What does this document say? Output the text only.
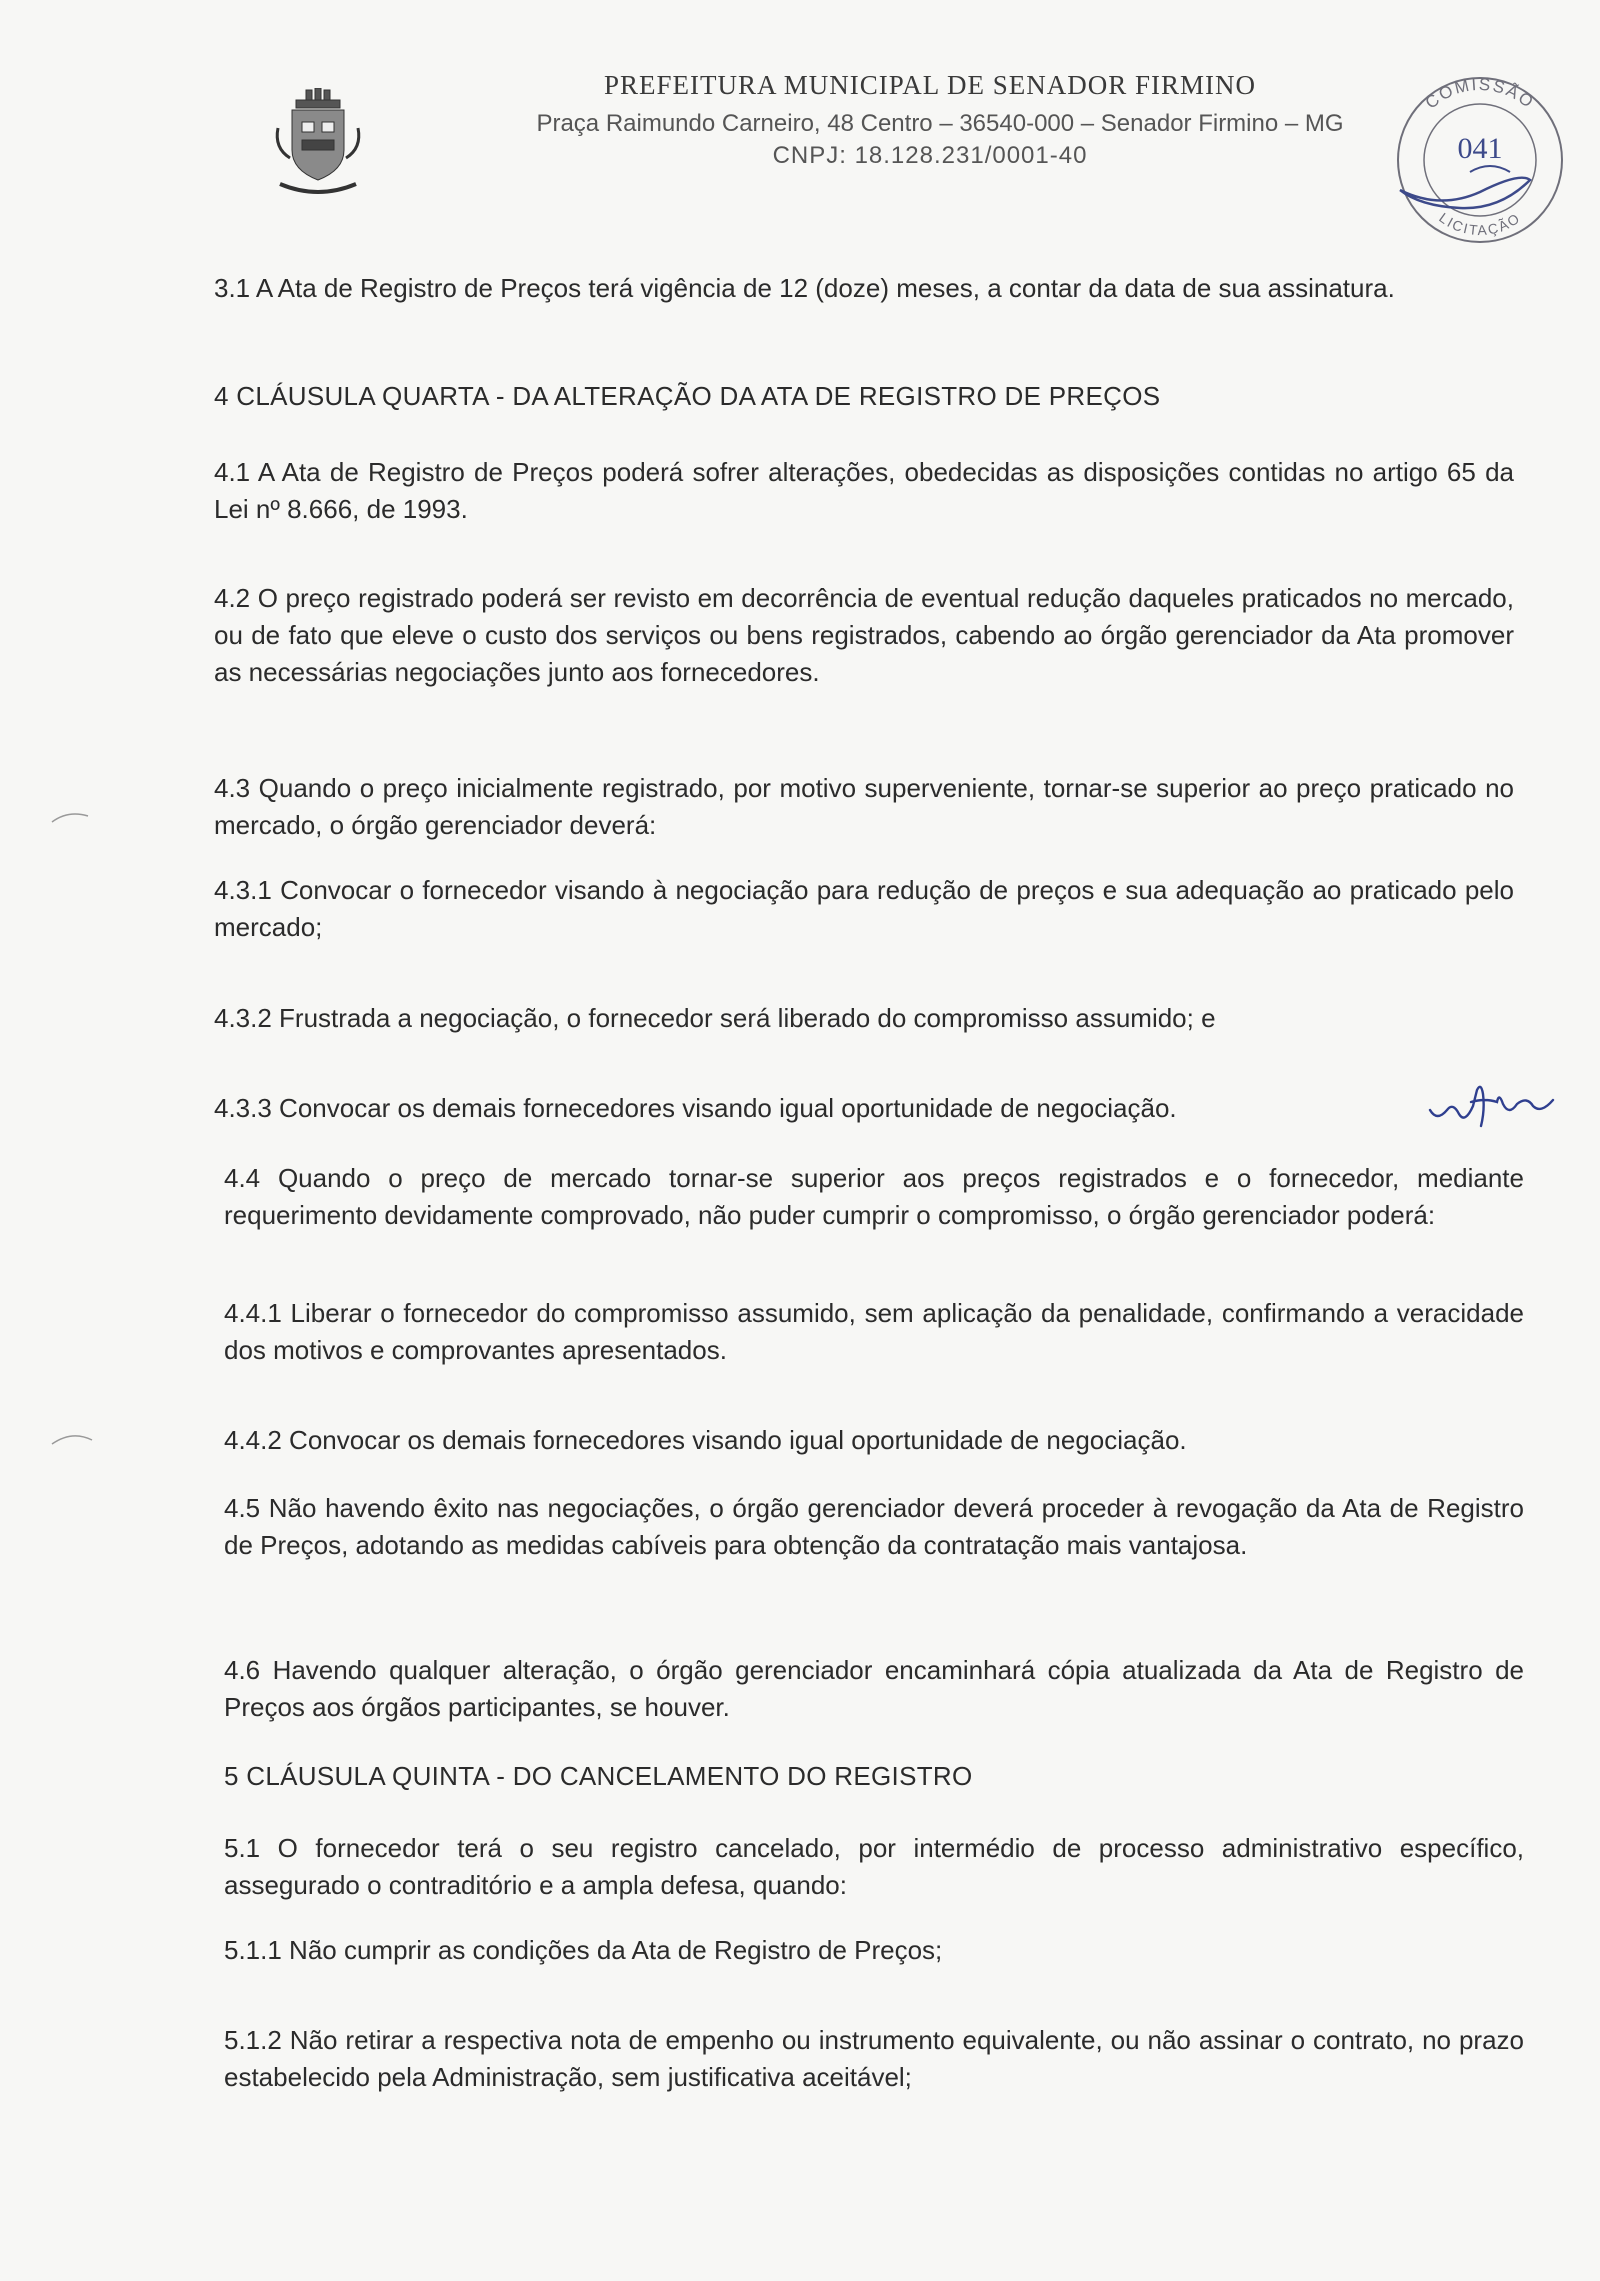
PREFEITURA MUNICIPAL DE SENADOR FIRMINO
Praça Raimundo Carneiro, 48 Centro – 36540-000 – Senador Firmino – MG
CNPJ: 18.128.231/0001-40
COMISSÃO
LICITAÇÃO
041

3.1 A Ata de Registro de Preços terá vigência de 12 (doze) meses, a contar da data de sua assinatura.

4 CLÁUSULA QUARTA - DA ALTERAÇÃO DA ATA DE REGISTRO DE PREÇOS

4.1 A Ata de Registro de Preços poderá sofrer alterações, obedecidas as disposições contidas no artigo 65 da Lei nº 8.666, de 1993.

4.2 O preço registrado poderá ser revisto em decorrência de eventual redução daqueles praticados no mercado, ou de fato que eleve o custo dos serviços ou bens registrados, cabendo ao órgão gerenciador da Ata promover as necessárias negociações junto aos fornecedores.

4.3 Quando o preço inicialmente registrado, por motivo superveniente, tornar-se superior ao preço praticado no mercado, o órgão gerenciador deverá:

4.3.1 Convocar o fornecedor visando à negociação para redução de preços e sua adequação ao praticado pelo mercado;

4.3.2 Frustrada a negociação, o fornecedor será liberado do compromisso assumido; e

4.3.3 Convocar os demais fornecedores visando igual oportunidade de negociação.

4.4 Quando o preço de mercado tornar-se superior aos preços registrados e o fornecedor, mediante requerimento devidamente comprovado, não puder cumprir o compromisso, o órgão gerenciador poderá:

4.4.1 Liberar o fornecedor do compromisso assumido, sem aplicação da penalidade, confirmando a veracidade dos motivos e comprovantes apresentados.

4.4.2 Convocar os demais fornecedores visando igual oportunidade de negociação.

4.5 Não havendo êxito nas negociações, o órgão gerenciador deverá proceder à revogação da Ata de Registro de Preços, adotando as medidas cabíveis para obtenção da contratação mais vantajosa.

4.6 Havendo qualquer alteração, o órgão gerenciador encaminhará cópia atualizada da Ata de Registro de Preços aos órgãos participantes, se houver.

5 CLÁUSULA QUINTA - DO CANCELAMENTO DO REGISTRO

5.1 O fornecedor terá o seu registro cancelado, por intermédio de processo administrativo específico, assegurado o contraditório e a ampla defesa, quando:

5.1.1 Não cumprir as condições da Ata de Registro de Preços;

5.1.2 Não retirar a respectiva nota de empenho ou instrumento equivalente, ou não assinar o contrato, no prazo estabelecido pela Administração, sem justificativa aceitável;
